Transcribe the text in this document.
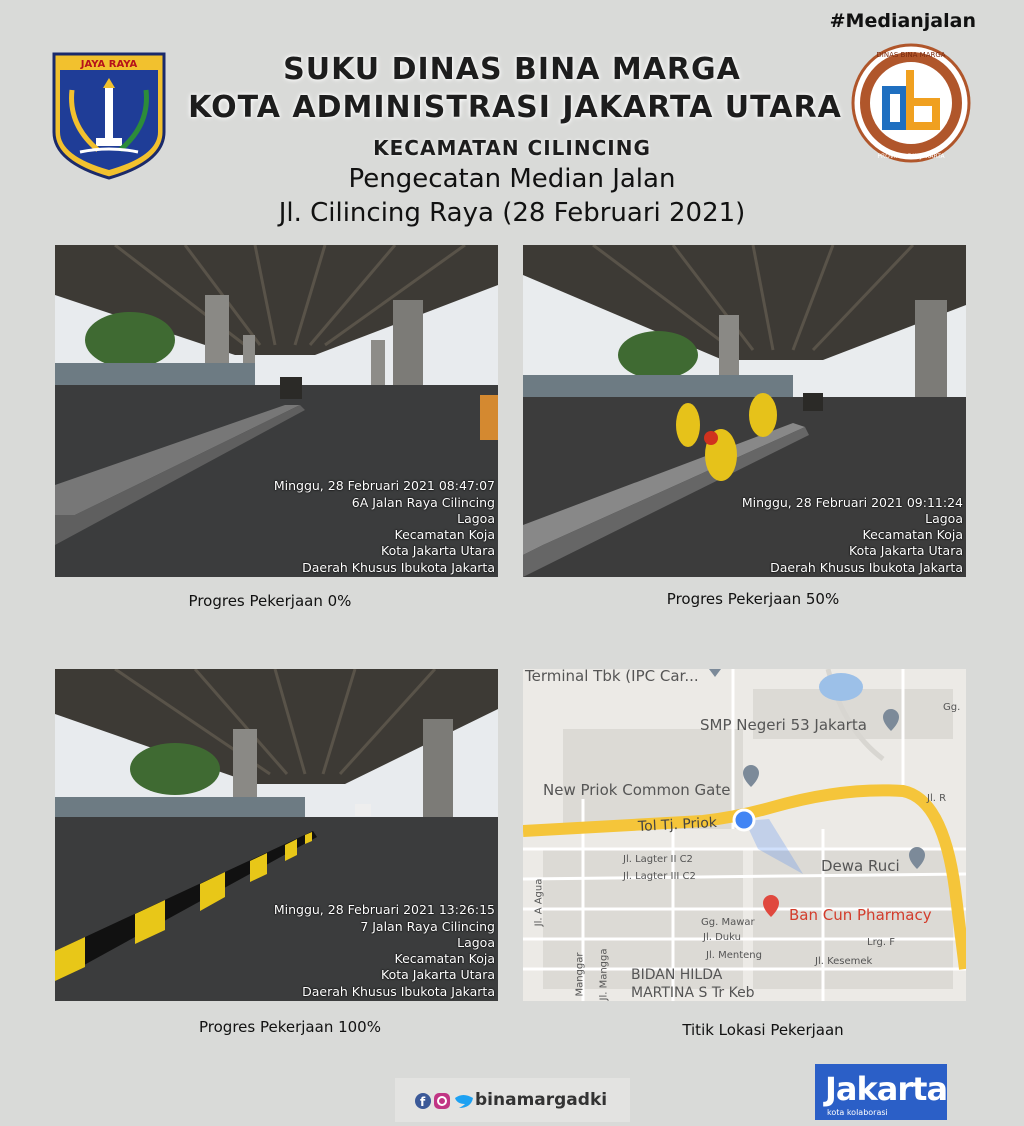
#Medianjalan
JAYA RAYA
DINAS BINA MARGA
PROVINSI DKI JAKARTA
SUKU DINAS BINA MARGA
KOTA ADMINISTRASI JAKARTA UTARA
KECAMATAN CILINCING
Pengecatan Median Jalan
Jl. Cilincing Raya (28 Februari 2021)
Minggu, 28 Februari 2021 08:47:07
6A Jalan Raya Cilincing
Lagoa
Kecamatan Koja
Kota Jakarta Utara
Daerah Khusus Ibukota Jakarta
Progres Pekerjaan 0%
Minggu, 28 Februari 2021 09:11:24
Lagoa
Kecamatan Koja
Kota Jakarta Utara
Daerah Khusus Ibukota Jakarta
Progres Pekerjaan 50%
Minggu, 28 Februari 2021 13:26:15
7 Jalan Raya Cilincing
Lagoa
Kecamatan Koja
Kota Jakarta Utara
Daerah Khusus Ibukota Jakarta
Progres Pekerjaan 100%
Terminal Tbk (IPC Car...
SMP Negeri 53 Jakarta
New Priok Common Gate
Tol Tj. Priok
Dewa Ruci
Ban Cun Pharmacy
Jl. Lagter II C2
Jl. Lagter III C2
Jl. A Agua	Gg. Mawar
Jl. Duku
Jl. Menteng
Jl. Kesemek
Lrg. F
Jl. R
Gg.
Manggar Jl. Mangga BIDAN HILDA
MARTINA S Tr Keb
Titik Lokasi Pekerjaan
f	binamargadki	Jakarta
kota kolaborasi
